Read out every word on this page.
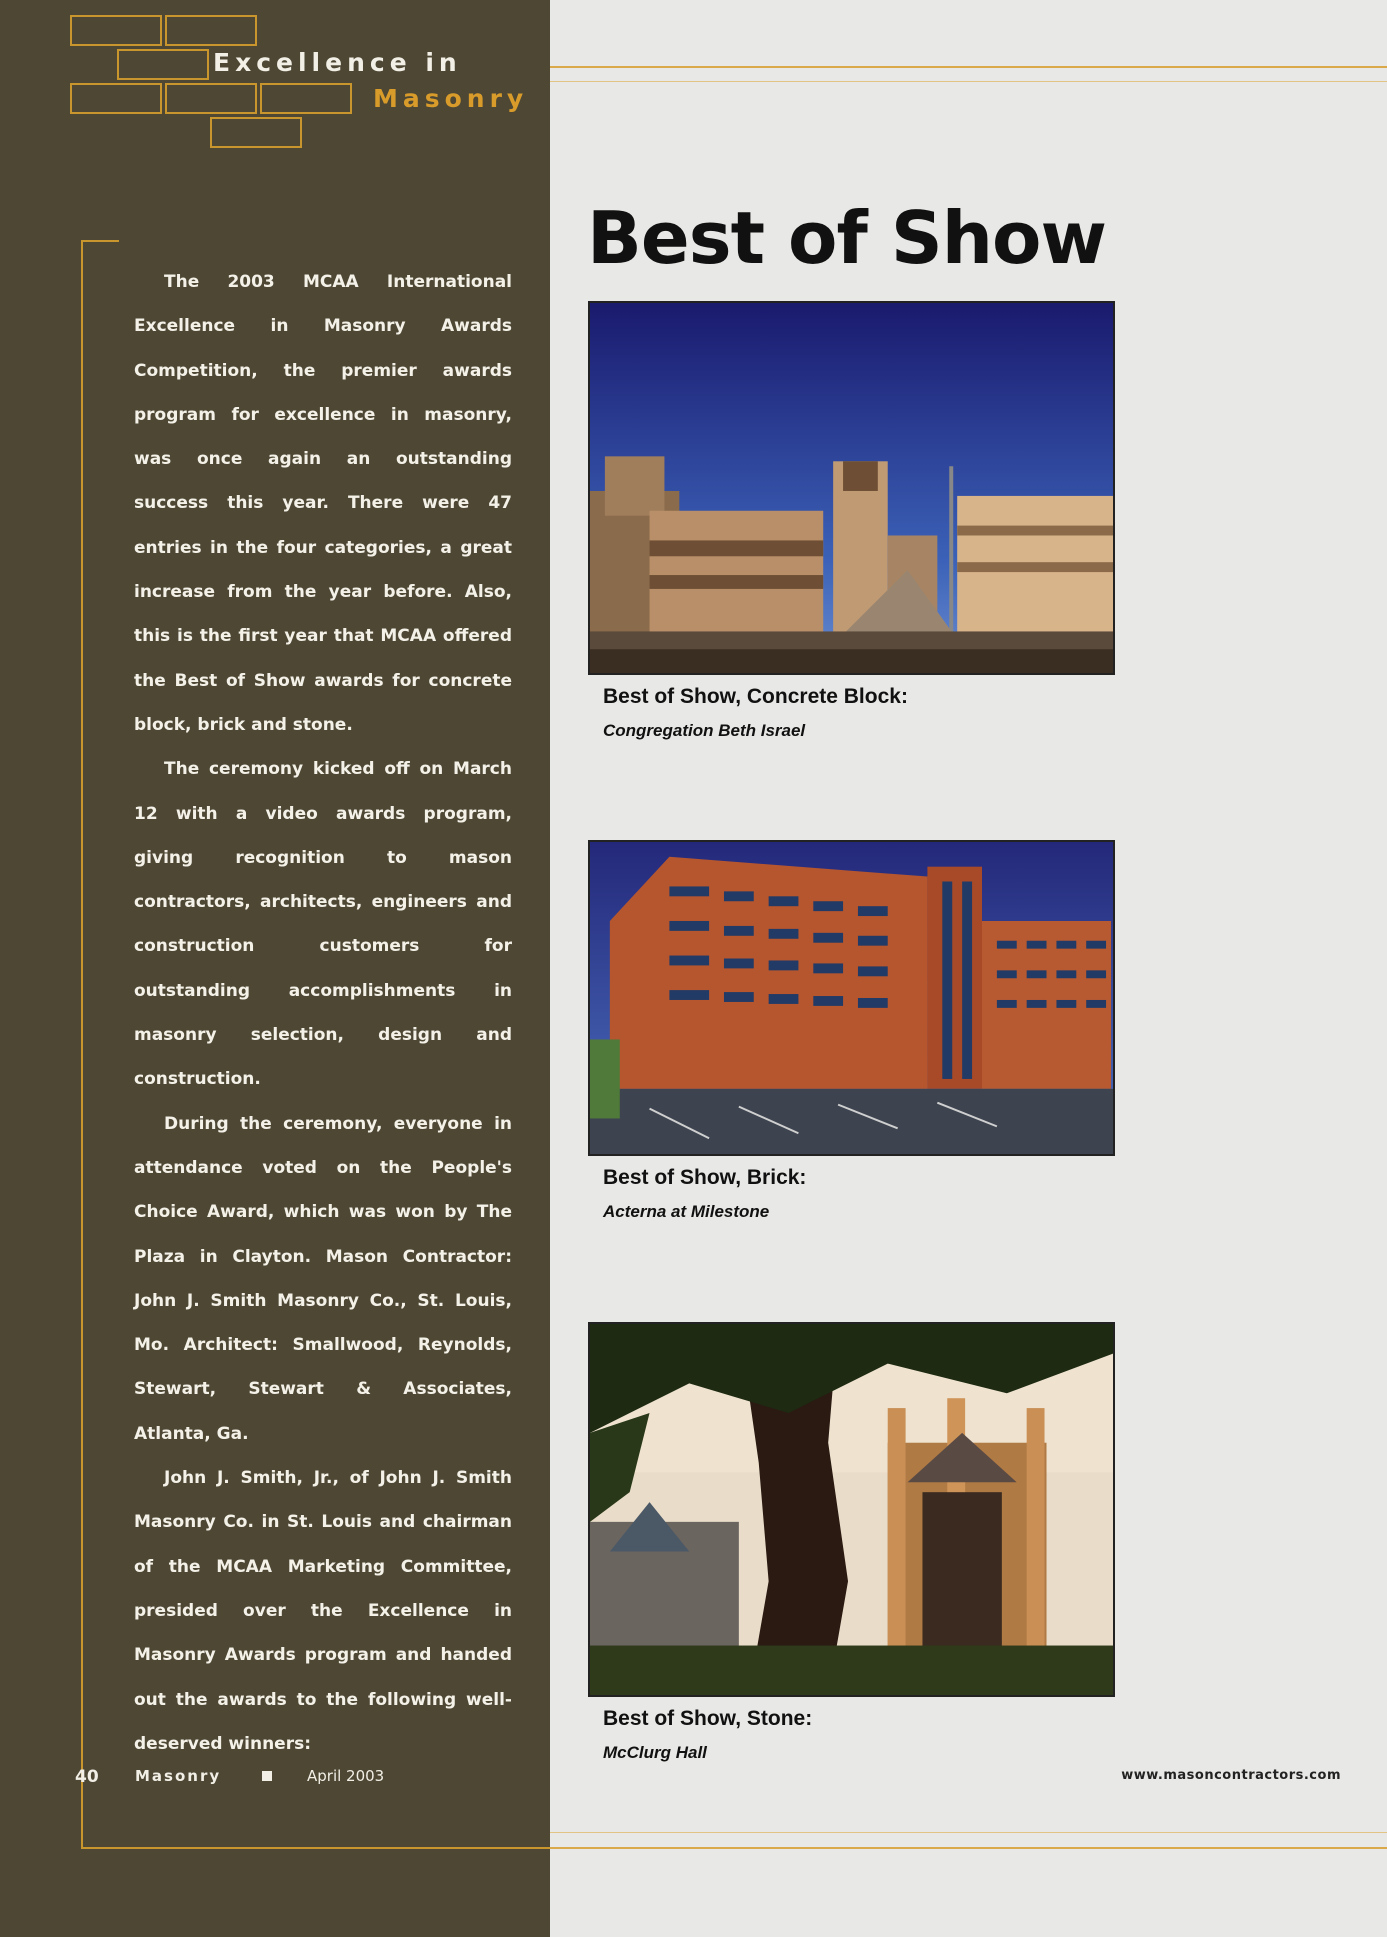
Excellence in
Masonry

The 2003 MCAA International Excellence in Masonry Awards Competition, the premier awards program for excellence in masonry, was once again an outstanding success this year. There were 47 entries in the four categories, a great increase from the year before. Also, this is the first year that MCAA offered the Best of Show awards for concrete block, brick and stone.

The ceremony kicked off on March 12 with a video awards program, giving recognition to mason contractors, architects, engineers and construction customers for outstanding accomplishments in masonry selection, design and construction.

During the ceremony, everyone in attendance voted on the People's Choice Award, which was won by The Plaza in Clayton. Mason Contractor: John J. Smith Masonry Co., St. Louis, Mo. Architect: Smallwood, Reynolds, Stewart, Stewart & Associates, Atlanta, Ga.

John J. Smith, Jr., of John J. Smith Masonry Co. in St. Louis and chairman of the MCAA Marketing Committee, presided over the Excellence in Masonry Awards program and handed out the awards to the following well-deserved winners:

40 Masonry	April 2003
Best of Show
Best of Show, Concrete Block:
Congregation Beth Israel
Best of Show, Brick:
Acterna at Milestone
Best of Show, Stone:
McClurg Hall
www.masoncontractors.com
